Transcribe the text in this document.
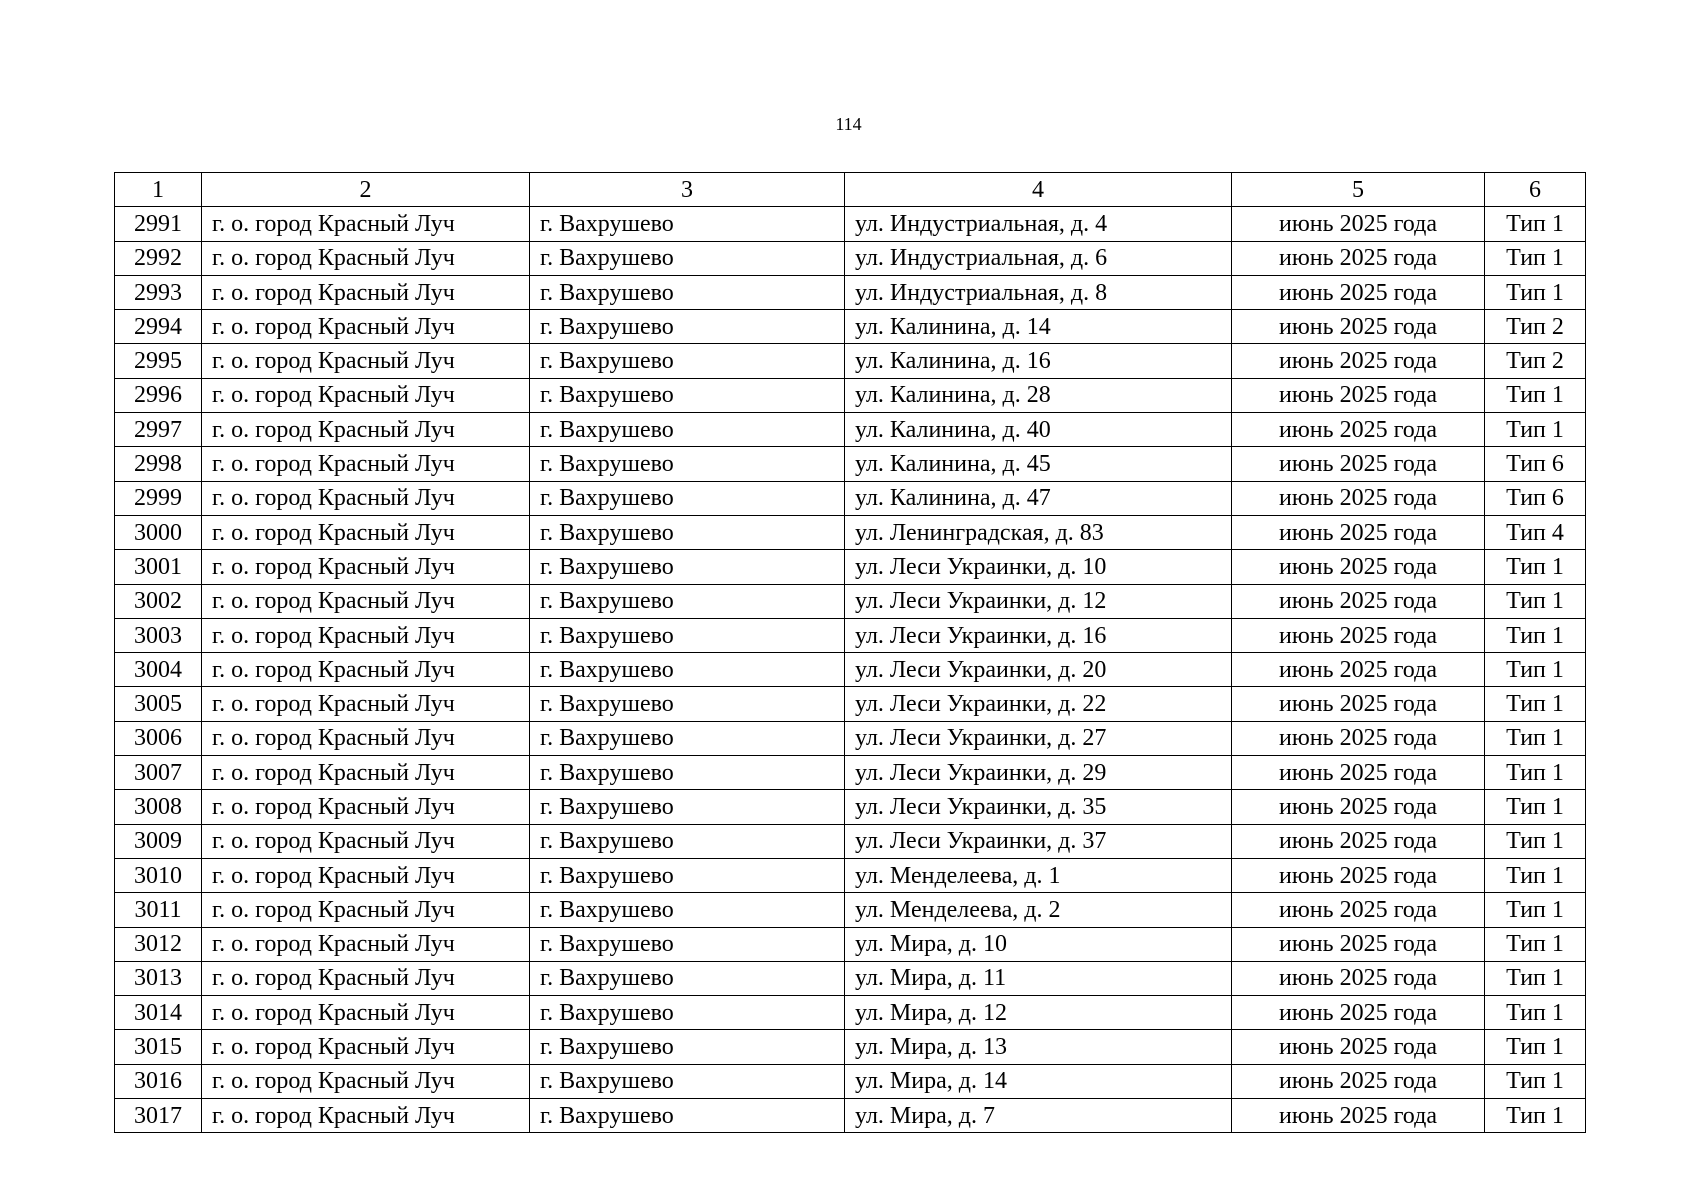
114
1	2	3	4	5	6
2991	г. о. город Красный Луч	г. Вахрушево	ул. Индустриальная, д. 4	июнь 2025 года	Тип 1
2992	г. о. город Красный Луч	г. Вахрушево	ул. Индустриальная, д. 6	июнь 2025 года	Тип 1
2993	г. о. город Красный Луч	г. Вахрушево	ул. Индустриальная, д. 8	июнь 2025 года	Тип 1
2994	г. о. город Красный Луч	г. Вахрушево	ул. Калинина, д. 14	июнь 2025 года	Тип 2
2995	г. о. город Красный Луч	г. Вахрушево	ул. Калинина, д. 16	июнь 2025 года	Тип 2
2996	г. о. город Красный Луч	г. Вахрушево	ул. Калинина, д. 28	июнь 2025 года	Тип 1
2997	г. о. город Красный Луч	г. Вахрушево	ул. Калинина, д. 40	июнь 2025 года	Тип 1
2998	г. о. город Красный Луч	г. Вахрушево	ул. Калинина, д. 45	июнь 2025 года	Тип 6
2999	г. о. город Красный Луч	г. Вахрушево	ул. Калинина, д. 47	июнь 2025 года	Тип 6
3000	г. о. город Красный Луч	г. Вахрушево	ул. Ленинградская, д. 83	июнь 2025 года	Тип 4
3001	г. о. город Красный Луч	г. Вахрушево	ул. Леси Украинки, д. 10	июнь 2025 года	Тип 1
3002	г. о. город Красный Луч	г. Вахрушево	ул. Леси Украинки, д. 12	июнь 2025 года	Тип 1
3003	г. о. город Красный Луч	г. Вахрушево	ул. Леси Украинки, д. 16	июнь 2025 года	Тип 1
3004	г. о. город Красный Луч	г. Вахрушево	ул. Леси Украинки, д. 20	июнь 2025 года	Тип 1
3005	г. о. город Красный Луч	г. Вахрушево	ул. Леси Украинки, д. 22	июнь 2025 года	Тип 1
3006	г. о. город Красный Луч	г. Вахрушево	ул. Леси Украинки, д. 27	июнь 2025 года	Тип 1
3007	г. о. город Красный Луч	г. Вахрушево	ул. Леси Украинки, д. 29	июнь 2025 года	Тип 1
3008	г. о. город Красный Луч	г. Вахрушево	ул. Леси Украинки, д. 35	июнь 2025 года	Тип 1
3009	г. о. город Красный Луч	г. Вахрушево	ул. Леси Украинки, д. 37	июнь 2025 года	Тип 1
3010	г. о. город Красный Луч	г. Вахрушево	ул. Менделеева, д. 1	июнь 2025 года	Тип 1
3011	г. о. город Красный Луч	г. Вахрушево	ул. Менделеева, д. 2	июнь 2025 года	Тип 1
3012	г. о. город Красный Луч	г. Вахрушево	ул. Мира, д. 10	июнь 2025 года	Тип 1
3013	г. о. город Красный Луч	г. Вахрушево	ул. Мира, д. 11	июнь 2025 года	Тип 1
3014	г. о. город Красный Луч	г. Вахрушево	ул. Мира, д. 12	июнь 2025 года	Тип 1
3015	г. о. город Красный Луч	г. Вахрушево	ул. Мира, д. 13	июнь 2025 года	Тип 1
3016	г. о. город Красный Луч	г. Вахрушево	ул. Мира, д. 14	июнь 2025 года	Тип 1
3017	г. о. город Красный Луч	г. Вахрушево	ул. Мира, д. 7	июнь 2025 года	Тип 1
